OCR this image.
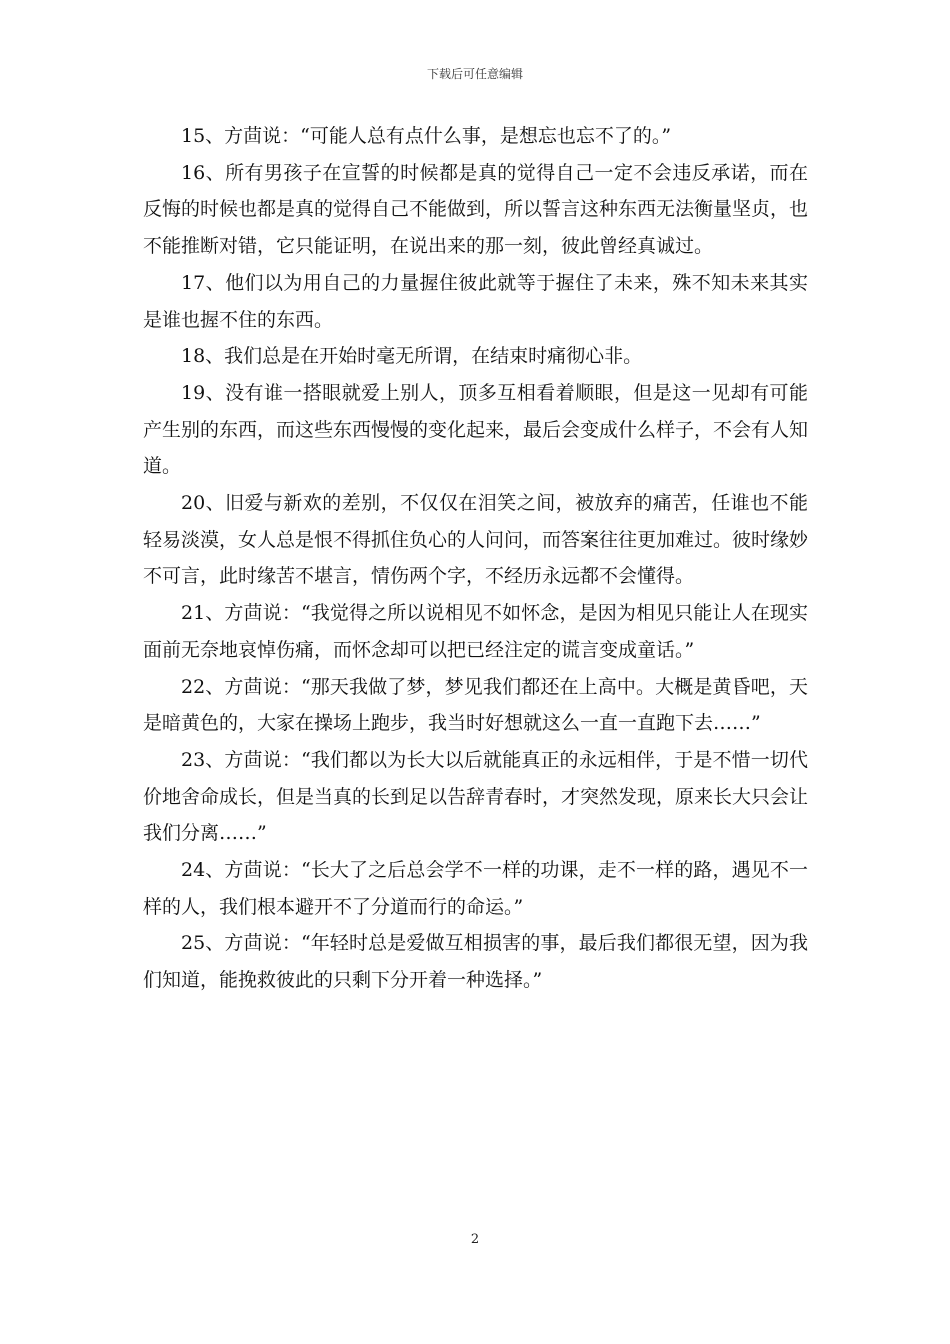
下载后可任意编辑

15、方茴说：“可能人总有点什么事，是想忘也忘不了的。”

16、所有男孩子在宣誓的时候都是真的觉得自己一定不会违反承诺，而在反悔的时候也都是真的觉得自己不能做到，所以誓言这种东西无法衡量坚贞，也不能推断对错，它只能证明，在说出来的那一刻，彼此曾经真诚过。

17、他们以为用自己的力量握住彼此就等于握住了未来，殊不知未来其实是谁也握不住的东西。

18、我们总是在开始时毫无所谓，在结束时痛彻心非。

19、没有谁一搭眼就爱上别人，顶多互相看着顺眼，但是这一见却有可能产生别的东西，而这些东西慢慢的变化起来，最后会变成什么样子，不会有人知道。

20、旧爱与新欢的差别，不仅仅在泪笑之间，被放弃的痛苦，任谁也不能轻易淡漠，女人总是恨不得抓住负心的人问问，而答案往往更加难过。彼时缘妙不可言，此时缘苦不堪言，情伤两个字，不经历永远都不会懂得。

21、方茴说：“我觉得之所以说相见不如怀念，是因为相见只能让人在现实面前无奈地哀悼伤痛，而怀念却可以把已经注定的谎言变成童话。”

22、方茴说：“那天我做了梦，梦见我们都还在上高中。大概是黄昏吧，天是暗黄色的，大家在操场上跑步，我当时好想就这么一直一直跑下去……”

23、方茴说：“我们都以为长大以后就能真正的永远相伴，于是不惜一切代价地舍命成长，但是当真的长到足以告辞青春时，才突然发现，原来长大只会让我们分离……”

24、方茴说：“长大了之后总会学不一样的功课，走不一样的路，遇见不一样的人，我们根本避开不了分道而行的命运。”

25、方茴说：“年轻时总是爱做互相损害的事，最后我们都很无望，因为我们知道，能挽救彼此的只剩下分开着一种选择。”

2
